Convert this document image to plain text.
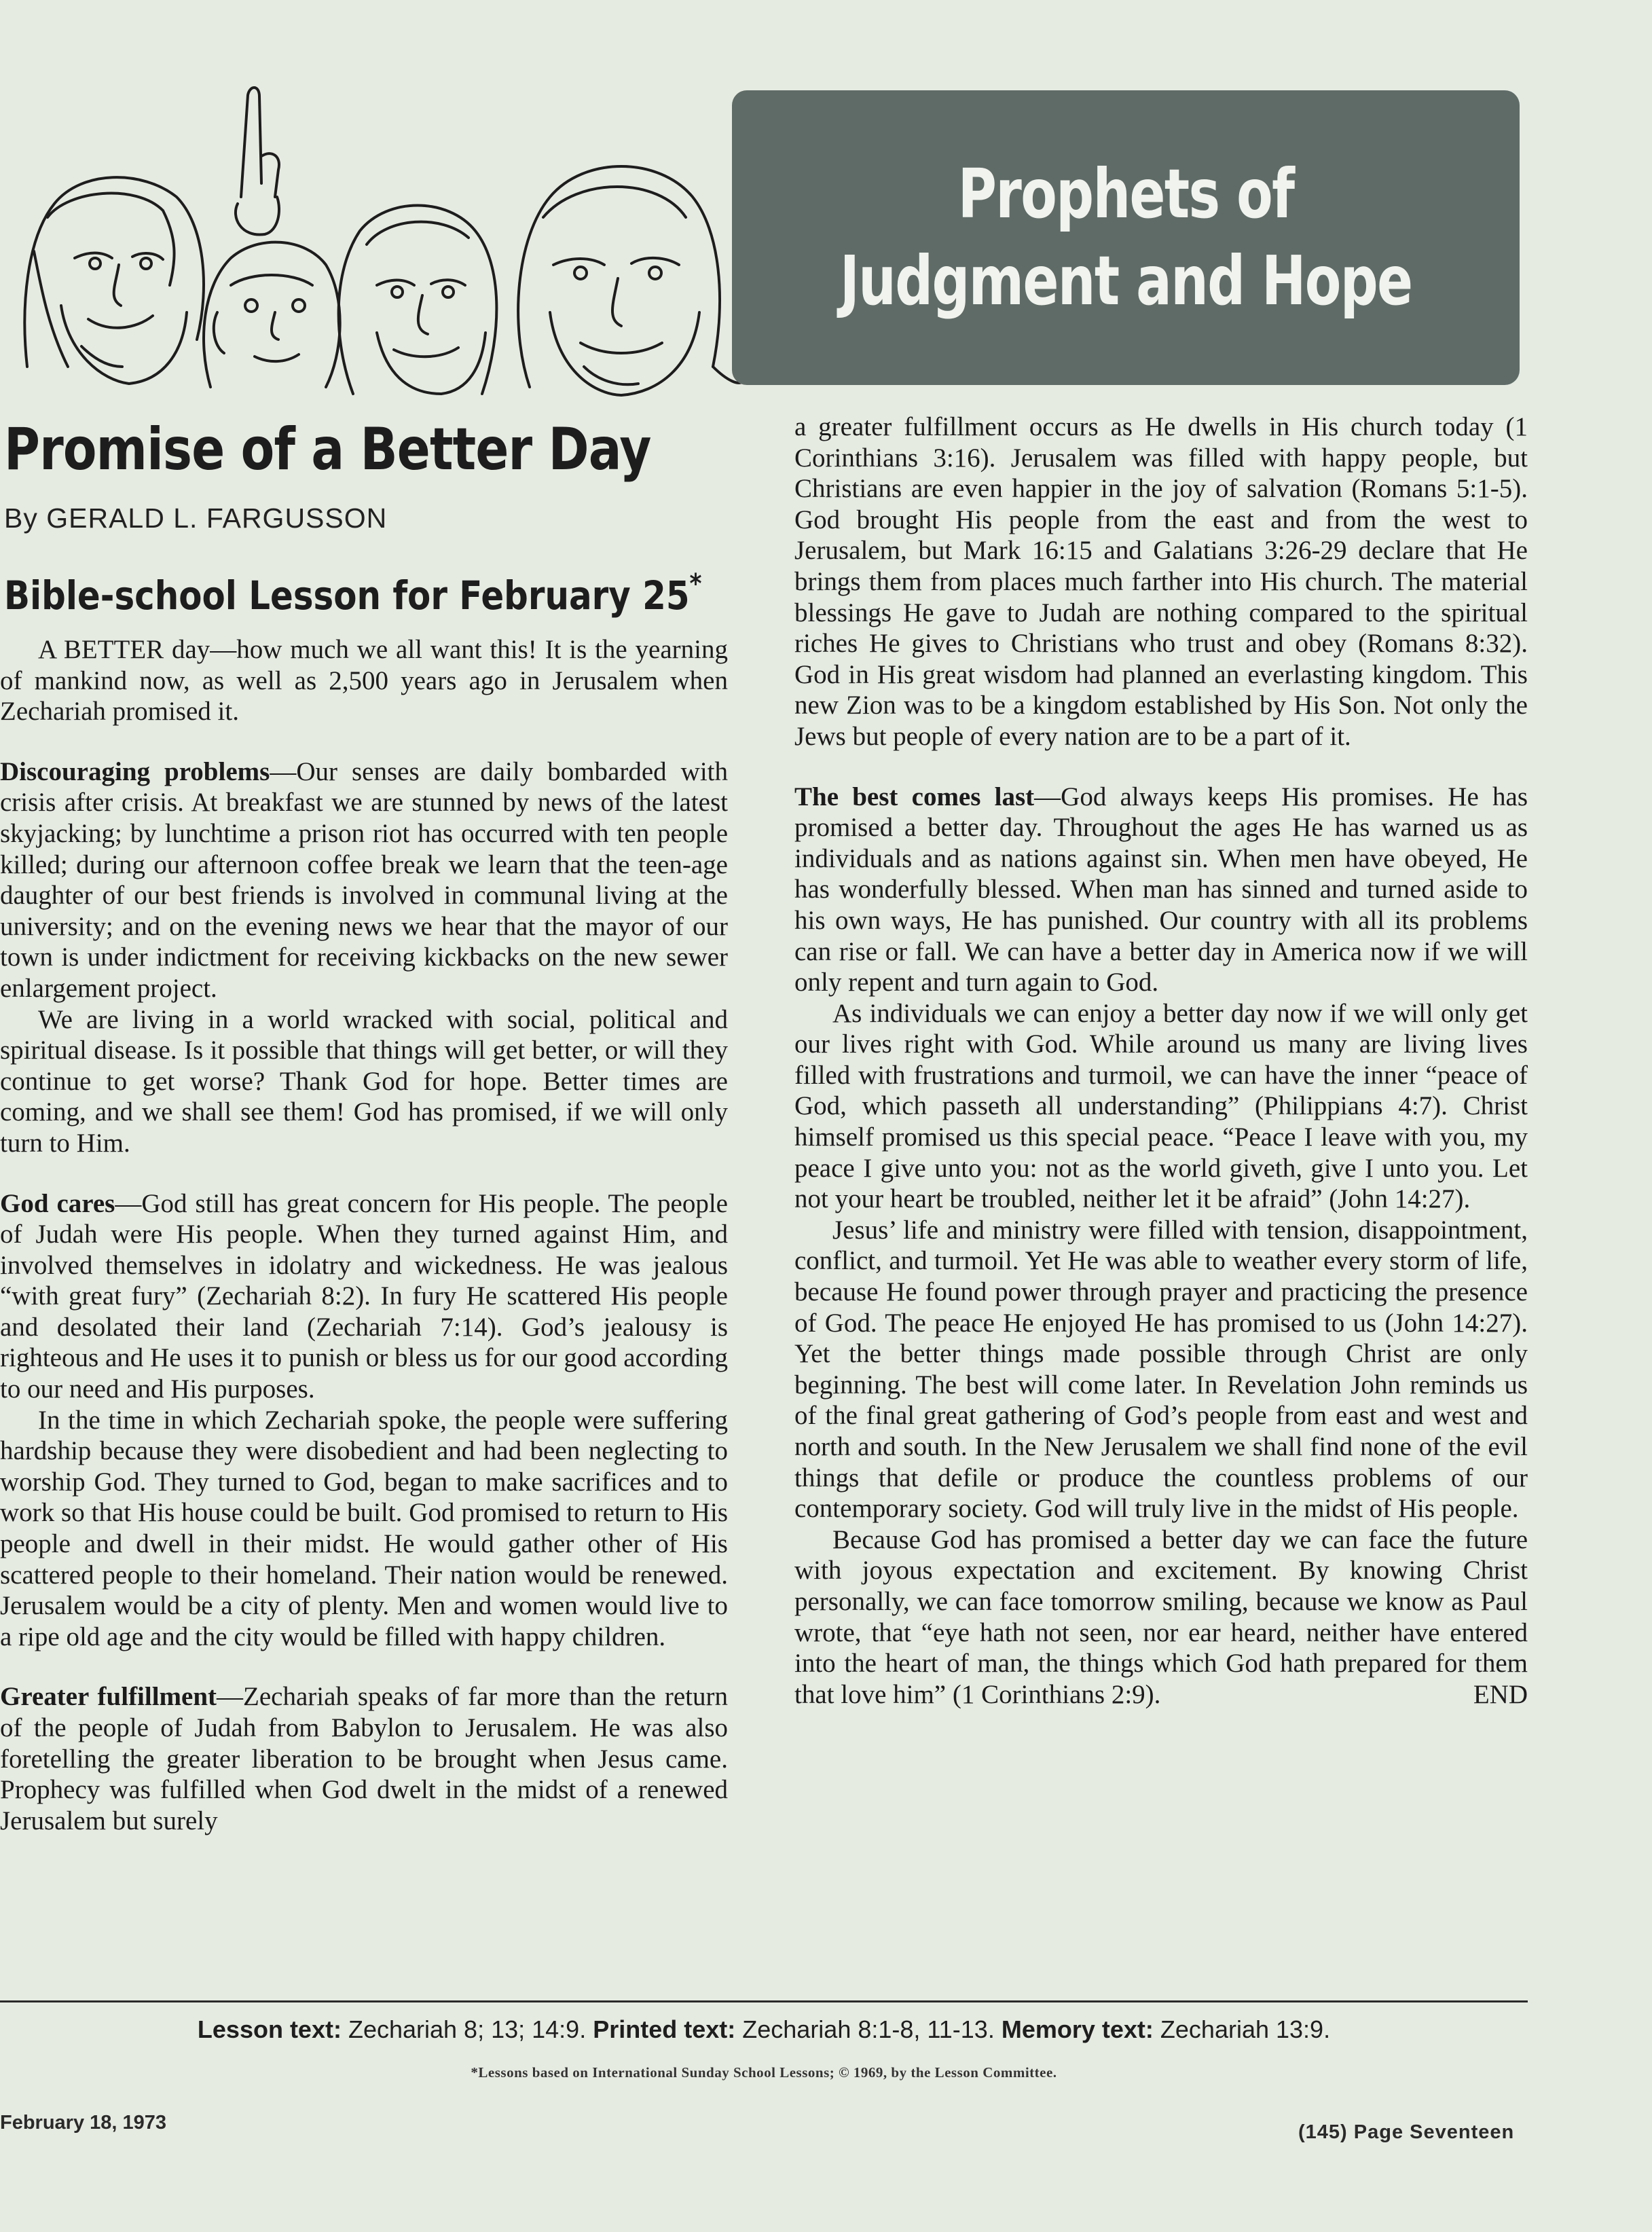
Prophets of
Judgment and Hope
Promise of a Better Day
By GERALD L. FARGUSSON
Bible-school Lesson for February 25*

A BETTER day—how much we all want this! It is the yearning of mankind now, as well as 2,500 years ago in Jerusalem when Zechariah promised it.

Discouraging problems—Our senses are daily bombarded with crisis after crisis. At breakfast we are stunned by news of the latest skyjacking; by lunchtime a prison riot has occurred with ten people killed; during our afternoon coffee break we learn that the teen-age daughter of our best friends is involved in communal living at the university; and on the evening news we hear that the mayor of our town is under indictment for receiving kickbacks on the new sewer enlargement project.

We are living in a world wracked with social, political and spiritual disease. Is it possible that things will get better, or will they continue to get worse? Thank God for hope. Better times are coming, and we shall see them! God has promised, if we will only turn to Him.

God cares—God still has great concern for His people. The people of Judah were His people. When they turned against Him, and involved themselves in idolatry and wickedness. He was jealous “with great fury” (Zechariah 8:2). In fury He scattered His people and desolated their land (Zechariah 7:14). God’s jealousy is righteous and He uses it to punish or bless us for our good according to our need and His purposes.

In the time in which Zechariah spoke, the people were suffering hardship because they were disobedient and had been neglecting to worship God. They turned to God, began to make sacrifices and to work so that His house could be built. God promised to return to His people and dwell in their midst. He would gather other of His scattered people to their homeland. Their nation would be renewed. Jerusalem would be a city of plenty. Men and women would live to a ripe old age and the city would be filled with happy children.

Greater fulfillment—Zechariah speaks of far more than the return of the people of Judah from Babylon to Jerusalem. He was also foretelling the greater liberation to be brought when Jesus came. Prophecy was fulfilled when God dwelt in the midst of a renewed Jerusalem but surely

a greater fulfillment occurs as He dwells in His church today (1 Corinthians 3:16). Jerusalem was filled with happy people, but Christians are even happier in the joy of salvation (Romans 5:1-5). God brought His people from the east and from the west to Jerusalem, but Mark 16:15 and Galatians 3:26-29 declare that He brings them from places much farther into His church. The material blessings He gave to Judah are nothing compared to the spiritual riches He gives to Christians who trust and obey (Romans 8:32). God in His great wisdom had planned an everlasting kingdom. This new Zion was to be a kingdom established by His Son. Not only the Jews but people of every nation are to be a part of it.

The best comes last—God always keeps His promises. He has promised a better day. Throughout the ages He has warned us as individuals and as nations against sin. When men have obeyed, He has wonderfully blessed. When man has sinned and turned aside to his own ways, He has punished. Our country with all its problems can rise or fall. We can have a better day in America now if we will only repent and turn again to God.

As individuals we can enjoy a better day now if we will only get our lives right with God. While around us many are living lives filled with frustrations and turmoil, we can have the inner “peace of God, which passeth all understanding” (Philippians 4:7). Christ himself promised us this special peace. “Peace I leave with you, my peace I give unto you: not as the world giveth, give I unto you. Let not your heart be troubled, neither let it be afraid” (John 14:27).

Jesus’ life and ministry were filled with tension, disappointment, conflict, and turmoil. Yet He was able to weather every storm of life, because He found power through prayer and practicing the presence of God. The peace He enjoyed He has promised to us (John 14:27). Yet the better things made possible through Christ are only beginning. The best will come later. In Revelation John reminds us of the final great gathering of God’s people from east and west and north and south. In the New Jerusalem we shall find none of the evil things that defile or produce the countless problems of our contemporary society. God will truly live in the midst of His people.

Because God has promised a better day we can face the future with joyous expectation and excitement. By knowing Christ personally, we can face tomorrow smiling, because we know as Paul wrote, that “eye hath not seen, nor ear heard, neither have entered into the heart of man, the things which God hath prepared for them that love him” (1 Corinthians 2:9).	END

Lesson text: Zechariah 8; 13; 14:9. Printed text: Zechariah 8:1-8, 11-13. Memory text: Zechariah 13:9.
*Lessons based on International Sunday School Lessons; © 1969, by the Lesson Committee.
February 18, 1973	(145) Page Seventeen
